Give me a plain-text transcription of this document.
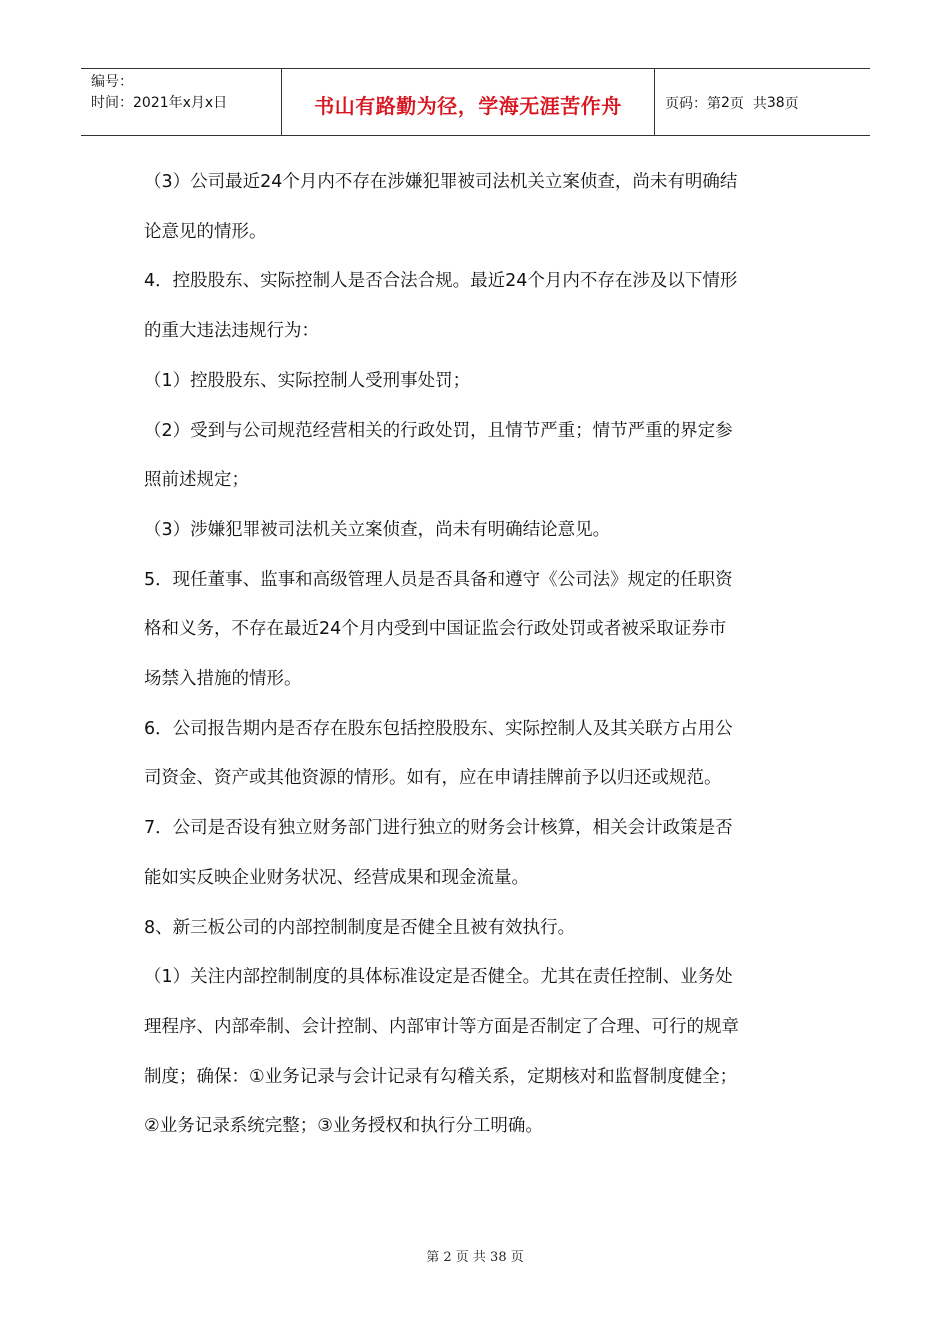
编号：
时间：2021年x月x日	书山有路勤为径，学海无涯苦作舟	页码：第 2 页  共 38 页

（3）公司最近24个月内不存在涉嫌犯罪被司法机关立案侦查，尚未有明确结

论意见的情形。

4．控股股东、实际控制人是否合法合规。最近24个月内不存在涉及以下情形

的重大违法违规行为：

（1）控股股东、实际控制人受刑事处罚；

（2）受到与公司规范经营相关的行政处罚，且情节严重；情节严重的界定参

照前述规定；

（3）涉嫌犯罪被司法机关立案侦查，尚未有明确结论意见。

5．现任董事、监事和高级管理人员是否具备和遵守《公司法》规定的任职资

格和义务，不存在最近24个月内受到中国证监会行政处罚或者被采取证券市

场禁入措施的情形。

6．公司报告期内是否存在股东包括控股股东、实际控制人及其关联方占用公

司资金、资产或其他资源的情形。如有，应在申请挂牌前予以归还或规范。

7．公司是否设有独立财务部门进行独立的财务会计核算，相关会计政策是否

能如实反映企业财务状况、经营成果和现金流量。

8、新三板公司的内部控制制度是否健全且被有效执行。

（1）关注内部控制制度的具体标准设定是否健全。尤其在责任控制、业务处

理程序、内部牵制、会计控制、内部审计等方面是否制定了合理、可行的规章

制度；确保：①业务记录与会计记录有勾稽关系，定期核对和监督制度健全；

②业务记录系统完整；③业务授权和执行分工明确。

第 2 页 共 38 页
